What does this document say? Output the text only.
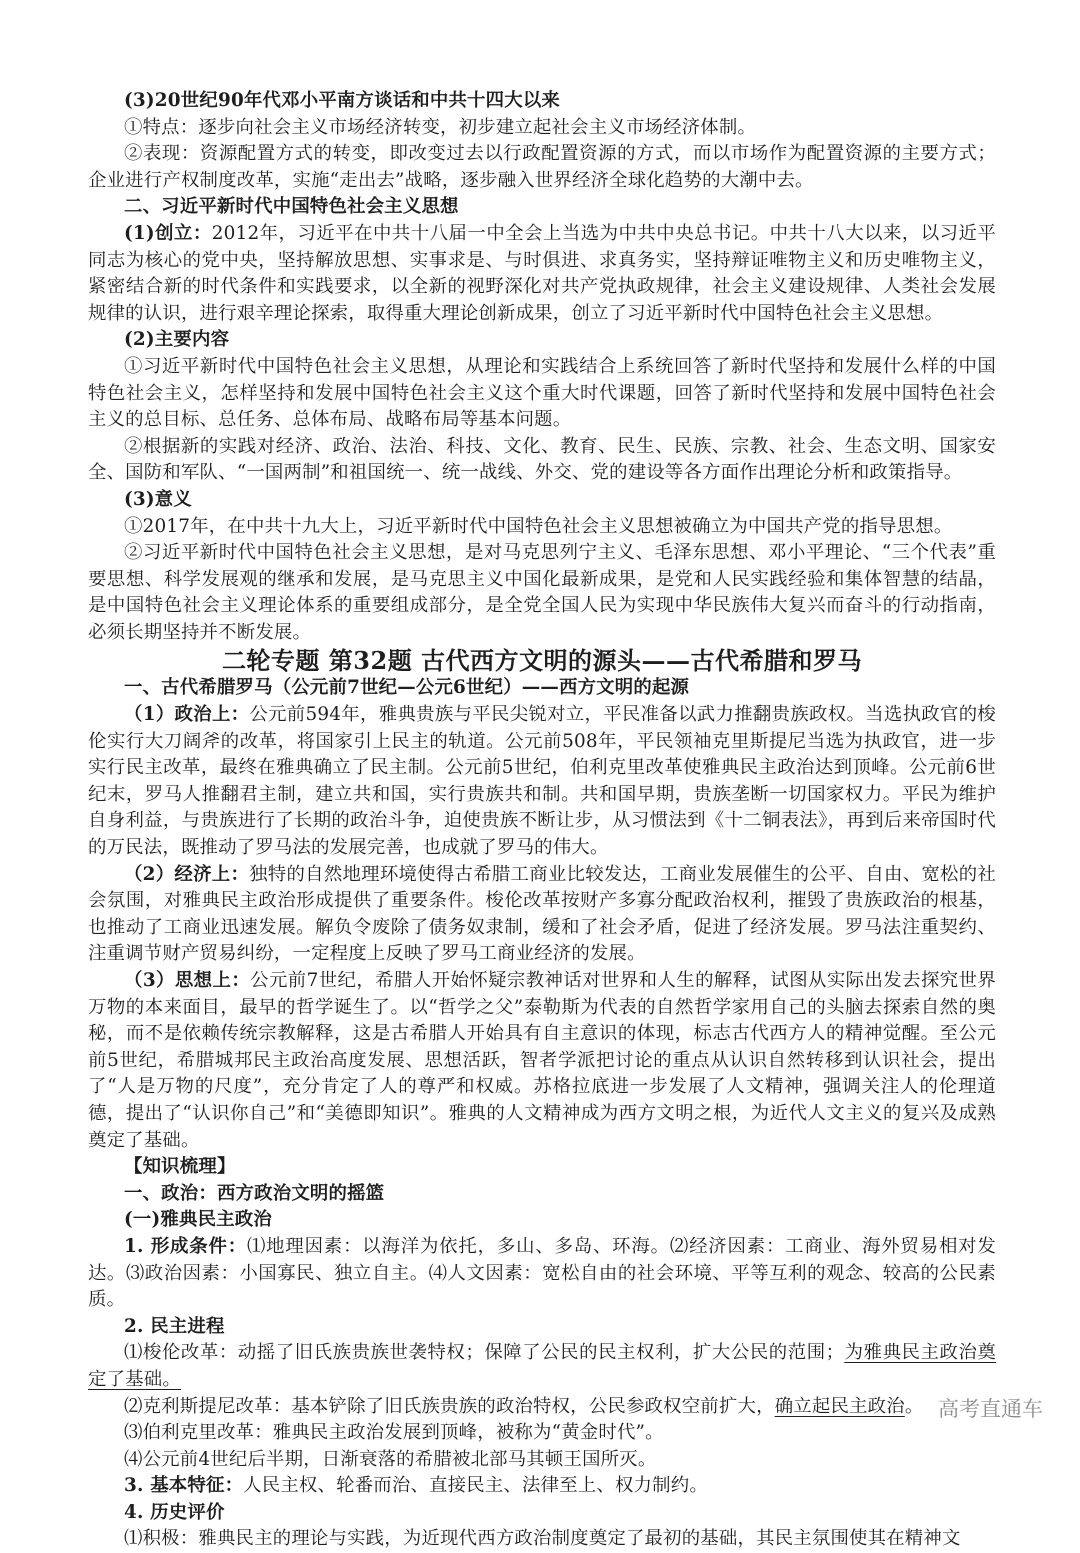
(3)20世纪90年代邓小平南方谈话和中共十四大以来

①特点：逐步向社会主义市场经济转变，初步建立起社会主义市场经济体制。

②表现：资源配置方式的转变，即改变过去以行政配置资源的方式，而以市场作为配置资源的主要方式；企业进行产权制度改革，实施“走出去”战略，逐步融入世界经济全球化趋势的大潮中去。

二、习近平新时代中国特色社会主义思想

(1)创立：2012年，习近平在中共十八届一中全会上当选为中共中央总书记。中共十八大以来，以习近平同志为核心的党中央，坚持解放思想、实事求是、与时俱进、求真务实，坚持辩证唯物主义和历史唯物主义，紧密结合新的时代条件和实践要求，以全新的视野深化对共产党执政规律，社会主义建设规律、人类社会发展规律的认识，进行艰辛理论探索，取得重大理论创新成果，创立了习近平新时代中国特色社会主义思想。

(2)主要内容

①习近平新时代中国特色社会主义思想，从理论和实践结合上系统回答了新时代坚持和发展什么样的中国特色社会主义，怎样坚持和发展中国特色社会主义这个重大时代课题，回答了新时代坚持和发展中国特色社会主义的总目标、总任务、总体布局、战略布局等基本问题。

②根据新的实践对经济、政治、法治、科技、文化、教育、民生、民族、宗教、社会、生态文明、国家安全、国防和军队、“一国两制”和祖国统一、统一战线、外交、党的建设等各方面作出理论分析和政策指导。

(3)意义

①2017年，在中共十九大上，习近平新时代中国特色社会主义思想被确立为中国共产党的指导思想。

②习近平新时代中国特色社会主义思想，是对马克思列宁主义、毛泽东思想、邓小平理论、“三个代表”重要思想、科学发展观的继承和发展，是马克思主义中国化最新成果，是党和人民实践经验和集体智慧的结晶，是中国特色社会主义理论体系的重要组成部分，是全党全国人民为实现中华民族伟大复兴而奋斗的行动指南，必须长期坚持并不断发展。

二轮专题 第32题 古代西方文明的源头——古代希腊和罗马

一、古代希腊罗马（公元前7世纪—公元6世纪）——西方文明的起源

（1）政治上：公元前594年，雅典贵族与平民尖锐对立，平民准备以武力推翻贵族政权。当选执政官的梭伦实行大刀阔斧的改革，将国家引上民主的轨道。公元前508年，平民领袖克里斯提尼当选为执政官，进一步实行民主改革，最终在雅典确立了民主制。公元前5世纪，伯利克里改革使雅典民主政治达到顶峰。公元前6世纪末，罗马人推翻君主制，建立共和国，实行贵族共和制。共和国早期，贵族垄断一切国家权力。平民为维护自身利益，与贵族进行了长期的政治斗争，迫使贵族不断让步，从习惯法到《十二铜表法》，再到后来帝国时代的万民法，既推动了罗马法的发展完善，也成就了罗马的伟大。

（2）经济上：独特的自然地理环境使得古希腊工商业比较发达，工商业发展催生的公平、自由、宽松的社会氛围，对雅典民主政治形成提供了重要条件。梭伦改革按财产多寡分配政治权利，摧毁了贵族政治的根基，也推动了工商业迅速发展。解负令废除了债务奴隶制，缓和了社会矛盾，促进了经济发展。罗马法注重契约、注重调节财产贸易纠纷，一定程度上反映了罗马工商业经济的发展。

（3）思想上：公元前7世纪，希腊人开始怀疑宗教神话对世界和人生的解释，试图从实际出发去探究世界万物的本来面目，最早的哲学诞生了。以“哲学之父”泰勒斯为代表的自然哲学家用自己的头脑去探索自然的奥秘，而不是依赖传统宗教解释，这是古希腊人开始具有自主意识的体现，标志古代西方人的精神觉醒。至公元前5世纪，希腊城邦民主政治高度发展、思想活跃，智者学派把讨论的重点从认识自然转移到认识社会，提出了“人是万物的尺度”，充分肯定了人的尊严和权威。苏格拉底进一步发展了人文精神，强调关注人的伦理道德，提出了“认识你自己”和“美德即知识”。雅典的人文精神成为西方文明之根，为近代人文主义的复兴及成熟奠定了基础。

【知识梳理】

一、政治：西方政治文明的摇篮

(一)雅典民主政治

1. 形成条件：⑴地理因素：以海洋为依托，多山、多岛、环海。⑵经济因素：工商业、海外贸易相对发达。⑶政治因素：小国寡民、独立自主。⑷人文因素：宽松自由的社会环境、平等互利的观念、较高的公民素质。

2. 民主进程

⑴梭伦改革：动摇了旧氏族贵族世袭特权；保障了公民的民主权利，扩大公民的范围；为雅典民主政治奠定了基础。

⑵克利斯提尼改革：基本铲除了旧氏族贵族的政治特权，公民参政权空前扩大，确立起民主政治。

⑶伯利克里改革：雅典民主政治发展到顶峰，被称为“黄金时代”。

⑷公元前4世纪后半期，日渐衰落的希腊被北部马其顿王国所灭。

3. 基本特征：人民主权、轮番而治、直接民主、法律至上、权力制约。

4. 历史评价

⑴积极：雅典民主的理论与实践，为近现代西方政治制度奠定了最初的基础，其民主氛围使其在精神文

高考直通车
